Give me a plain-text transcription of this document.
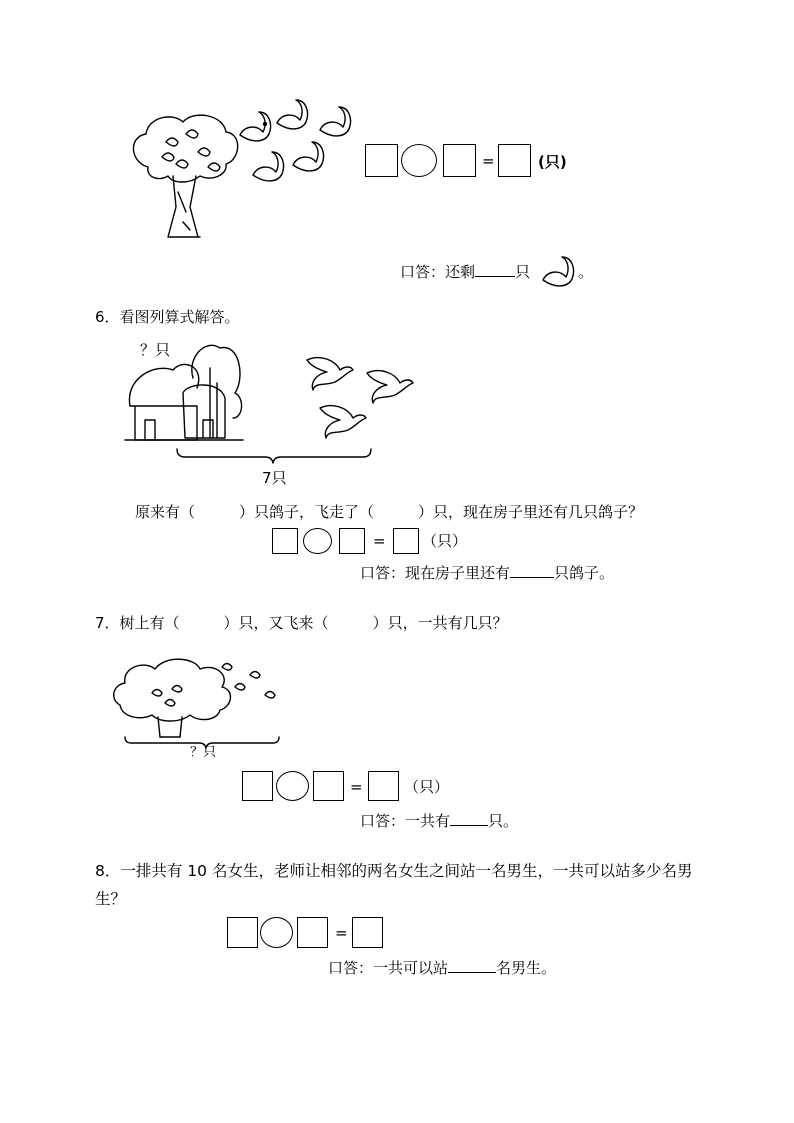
=	(只)
口答：还剩	只	。
6．看图列算式解答。
？只
7只
原来有（	）只鸽子，飞走了（	）只，现在房子里还有几只鸽子？
= （只）
口答：现在房子里还有	只鸽子。
7．树上有（	）只，又飞来（	）只，一共有几只？
？只
=	（只）
口答：一共有	只。
8．一排共有 10 名女生，老师让相邻的两名女生之间站一名男生，一共可以站多少名男
生？
=
口答：一共可以站	名男生。
